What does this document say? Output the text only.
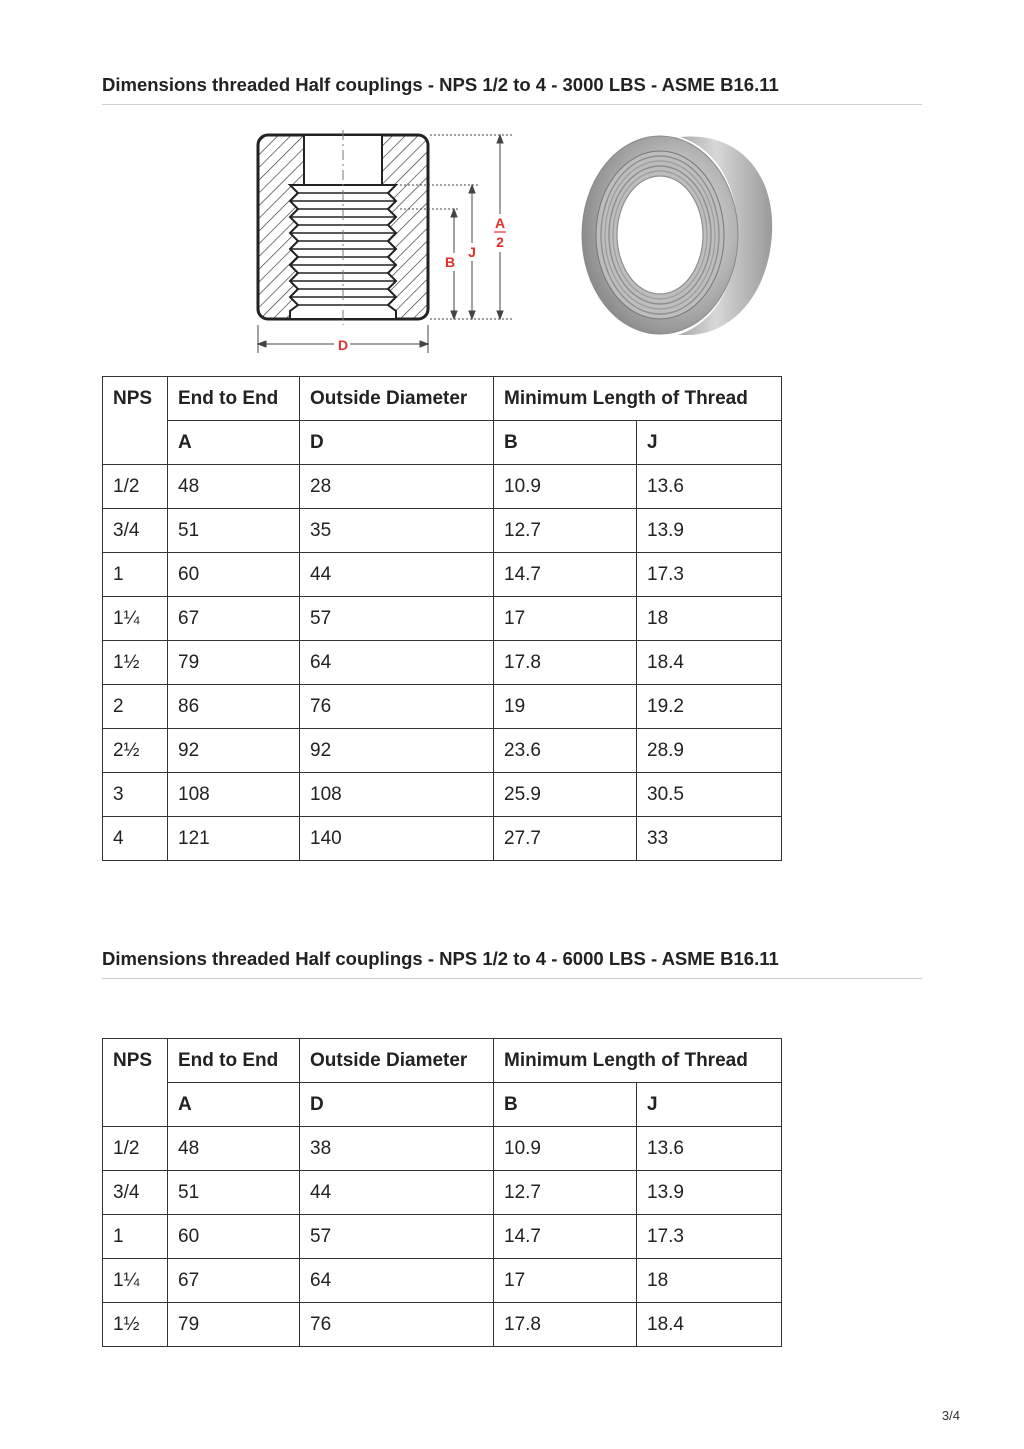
Dimensions threaded Half couplings - NPS 1/2 to 4 - 3000 LBS - ASME B16.11
B
J
A
2
D
NPS	End to End	Outside Diameter	Minimum Length of Thread	
	A	D	B	J
1/2	48	28	10.9	13.6
3/4	51	35	12.7	13.9
1	60	44	14.7	17.3
1¼	67	57	17	18
1½	79	64	17.8	18.4
2	86	76	19	19.2
2½	92	92	23.6	28.9
3	108	108	25.9	30.5
4	121	140	27.7	33
Dimensions threaded Half couplings - NPS 1/2 to 4 - 6000 LBS - ASME B16.11
NPS	End to End	Outside Diameter	Minimum Length of Thread	
	A	D	B	J
1/2	48	38	10.9	13.6
3/4	51	44	12.7	13.9
1	60	57	14.7	17.3
1¼	67	64	17	18
1½	79	76	17.8	18.4
3/4
